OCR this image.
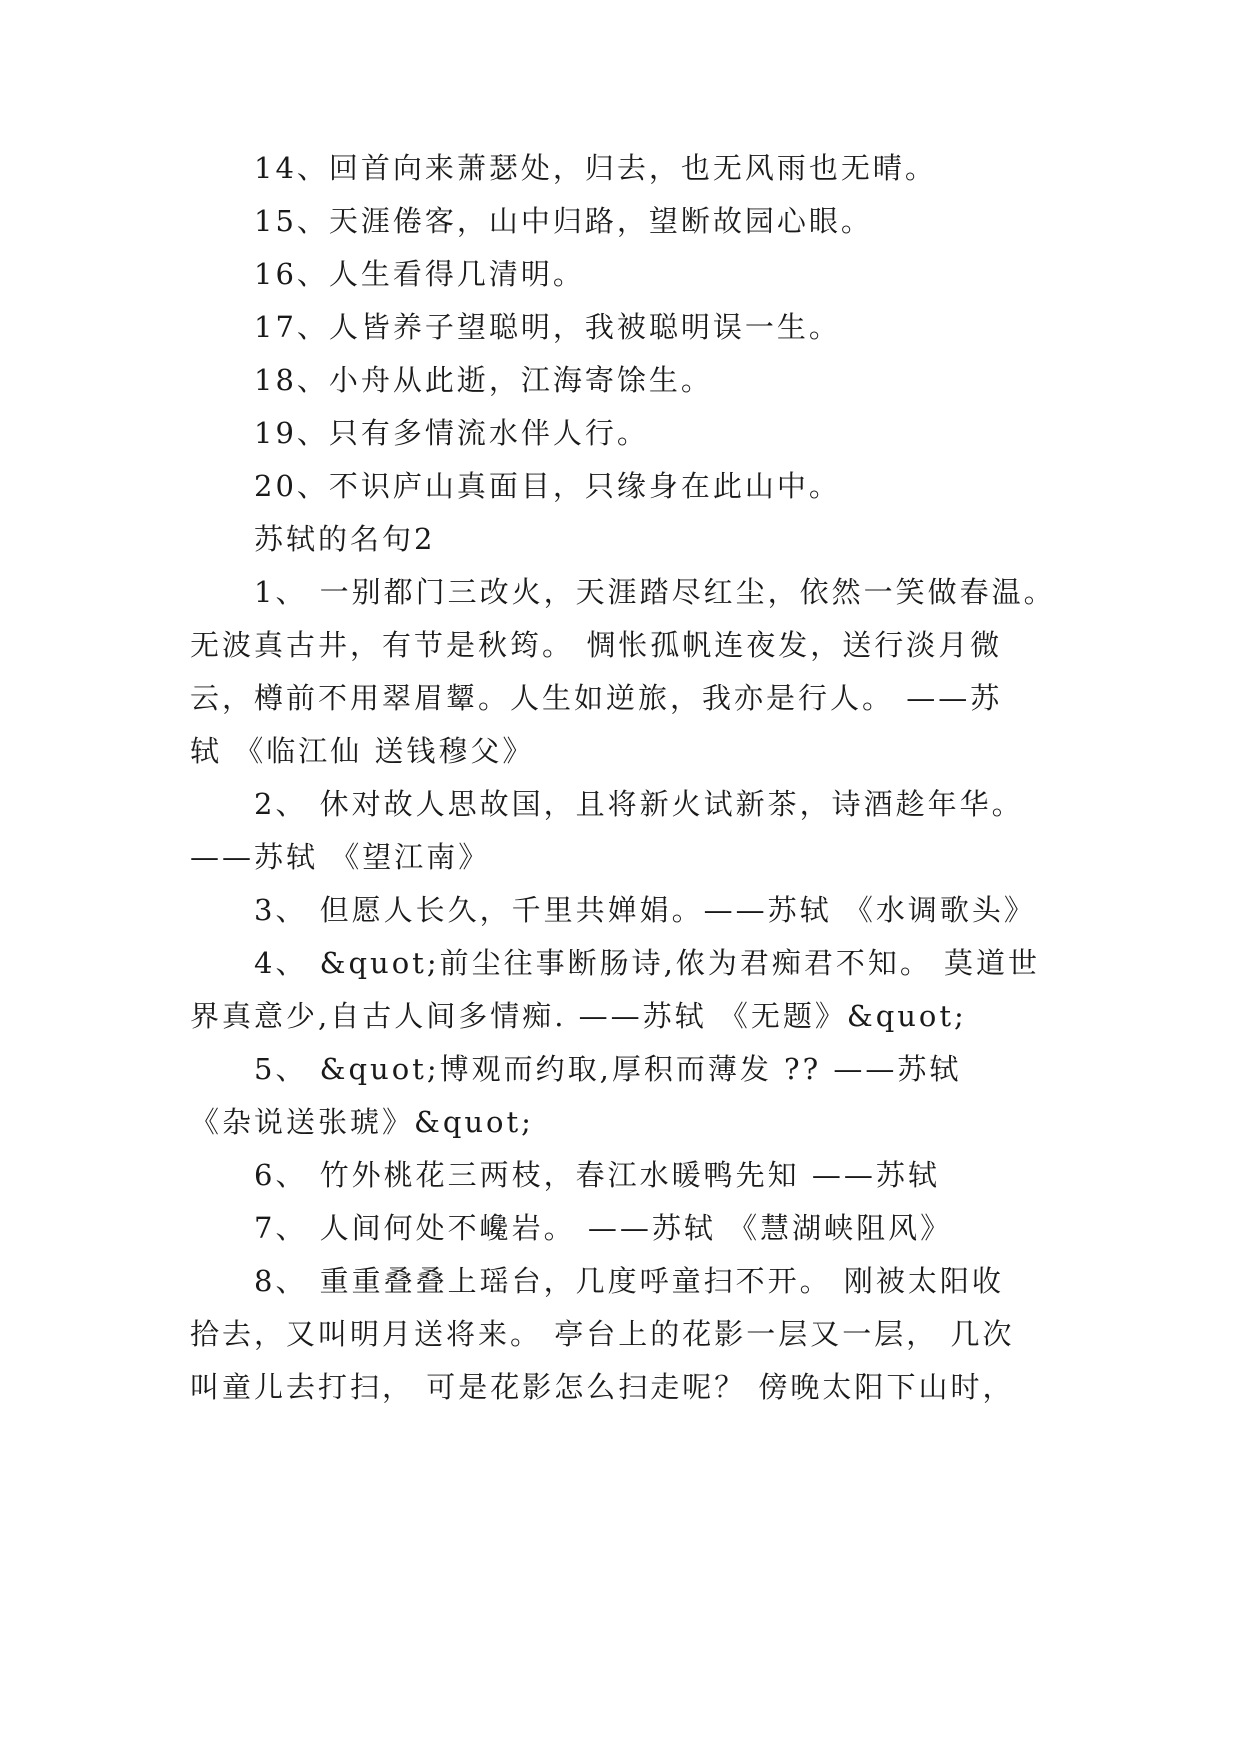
14、回首向来萧瑟处，归去，也无风雨也无晴。
15、天涯倦客，山中归路，望断故园心眼。
16、人生看得几清明。
17、人皆养子望聪明，我被聪明误一生。
18、小舟从此逝，江海寄馀生。
19、只有多情流水伴人行。
20、不识庐山真面目，只缘身在此山中。
苏轼的名句2
1、 一别都门三改火，天涯踏尽红尘，依然一笑做春温。
无波真古井，有节是秋筠。 惆怅孤帆连夜发，送行淡月微
云，樽前不用翠眉颦。人生如逆旅，我亦是行人。 ——苏
轼 《临江仙 送钱穆父》
2、 休对故人思故国，且将新火试新茶，诗酒趁年华。
——苏轼 《望江南》
3、 但愿人长久，千里共婵娟。——苏轼 《水调歌头》
4、 &quot;前尘往事断肠诗,侬为君痴君不知。 莫道世
界真意少,自古人间多情痴. ——苏轼 《无题》&quot;
5、 &quot;博观而约取,厚积而薄发 ?? ——苏轼
《杂说送张琥》&quot;
6、 竹外桃花三两枝，春江水暖鸭先知 ——苏轼
7、 人间何处不巉岩。 ——苏轼 《慧湖峡阻风》
8、 重重叠叠上瑶台，几度呼童扫不开。 刚被太阳收
拾去，又叫明月送将来。 亭台上的花影一层又一层， 几次
叫童儿去打扫， 可是花影怎么扫走呢？ 傍晚太阳下山时，
